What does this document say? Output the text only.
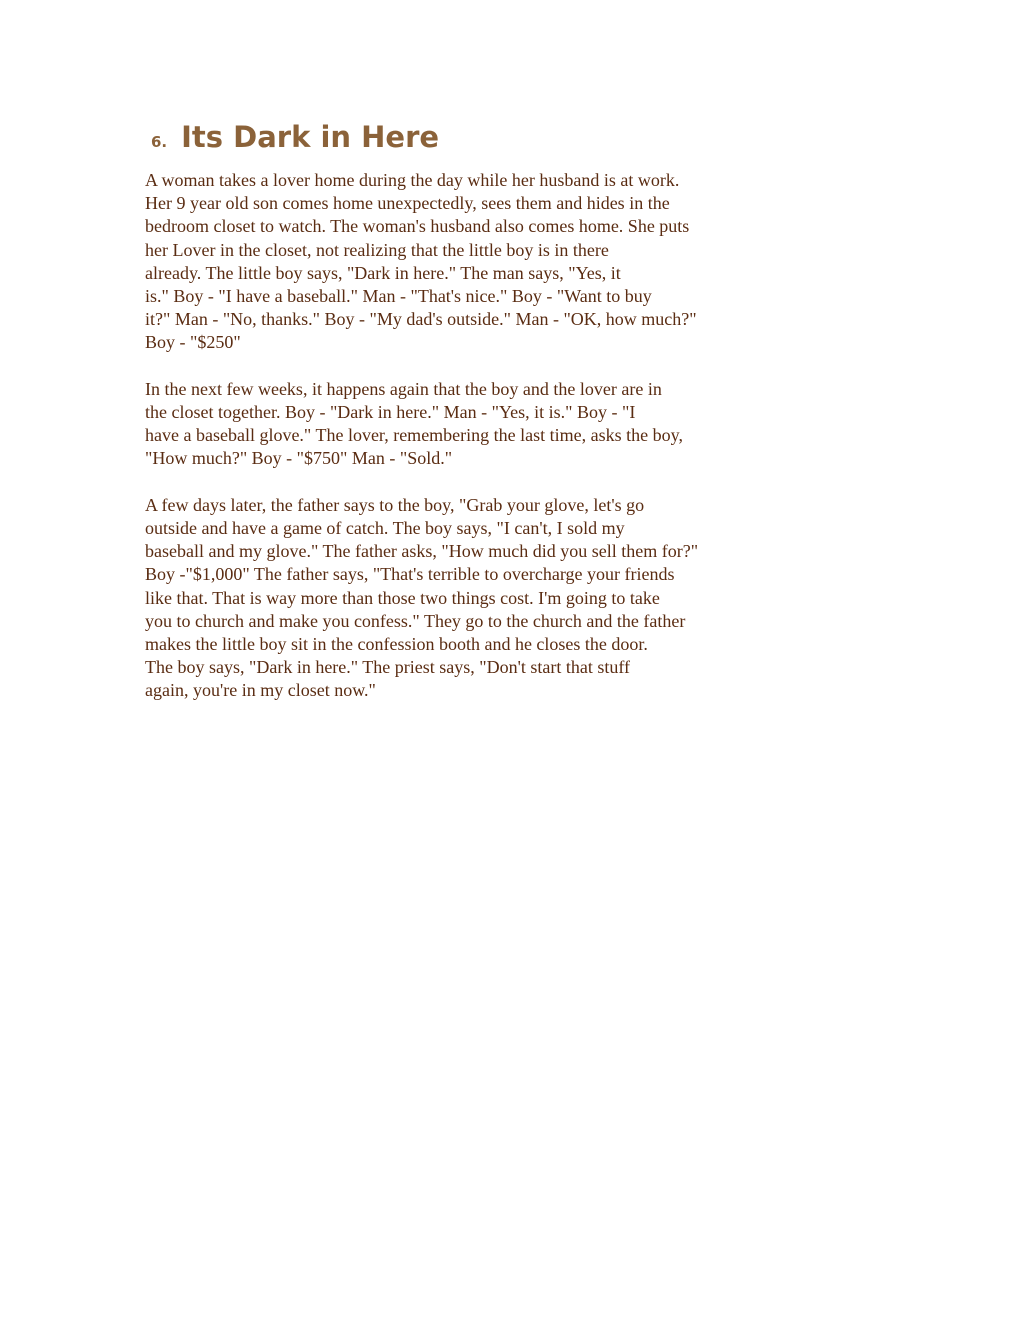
6. Its Dark in Here
A woman takes a lover home during the day while her husband is at work.
Her 9 year old son comes home unexpectedly, sees them and hides in the
bedroom closet to watch. The woman's husband also comes home. She puts
her Lover in the closet, not realizing that the little boy is in there
already. The little boy says, "Dark in here." The man says, "Yes, it
is." Boy - "I have a baseball." Man - "That's nice." Boy - "Want to buy
it?" Man - "No, thanks." Boy - "My dad's outside." Man - "OK, how much?"
Boy - "$250"
In the next few weeks, it happens again that the boy and the lover are in
the closet together. Boy - "Dark in here." Man - "Yes, it is." Boy - "I
have a baseball glove." The lover, remembering the last time, asks the boy,
"How much?" Boy - "$750" Man - "Sold."
A few days later, the father says to the boy, "Grab your glove, let's go
outside and have a game of catch. The boy says, "I can't, I sold my
baseball and my glove." The father asks, "How much did you sell them for?"
Boy -"$1,000" The father says, "That's terrible to overcharge your friends
like that. That is way more than those two things cost. I'm going to take
you to church and make you confess." They go to the church and the father
makes the little boy sit in the confession booth and he closes the door.
The boy says, "Dark in here." The priest says, "Don't start that stuff
again, you're in my closet now."
